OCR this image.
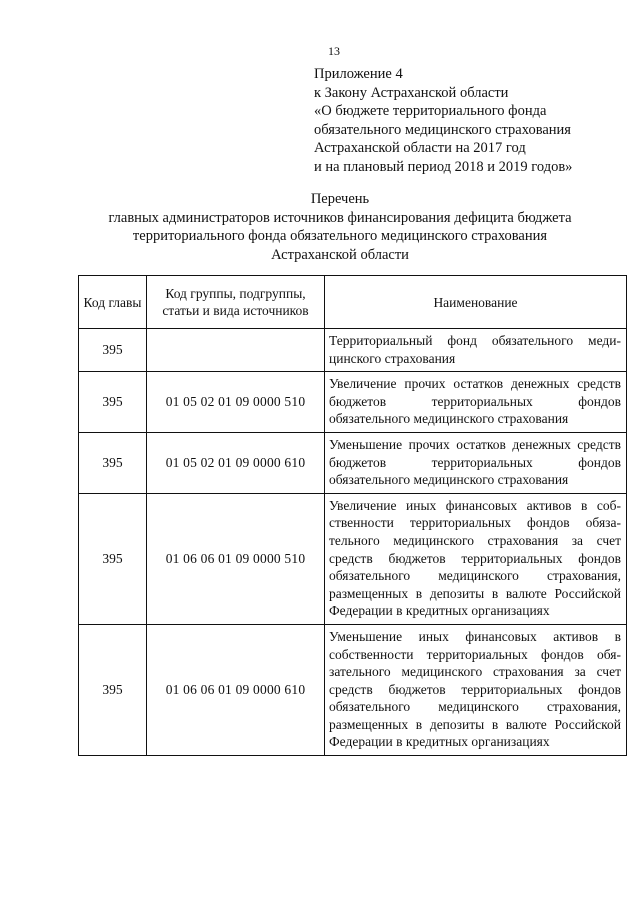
13
Приложение 4
к Закону Астраханской области
«О бюджете территориального фонда
обязательного медицинского страхования
Астраханской области на 2017 год
и на плановый период 2018 и 2019 годов»
Перечень
главных администраторов источников финансирования дефицита бюджета
территориального фонда обязательного медицинского страхования
Астраханской области
Код главы	Код группы, подгруппы, статьи и вида источников	Наименование
395		Территориальный фонд обязательного медицинского страхования
395	01 05 02 01 09 0000 510	Увеличение прочих остатков денежных средств бюджетов территориальных фондов обязательного медицинского страхования
395	01 05 02 01 09 0000 610	Уменьшение прочих остатков денежных средств бюджетов территориальных фондов обязательного медицинского страхования
395	01 06 06 01 09 0000 510	Увеличение иных финансовых активов в собственности территориальных фондов обязательного медицинского страхования за счет средств бюджетов территориальных фондов обязательного медицинского страхования, размещенных в депозиты в валюте Российской Федерации в кредитных организациях
395	01 06 06 01 09 0000 610	Уменьшение иных финансовых активов в собственности территориальных фондов обязательного медицинского страхования за счет средств бюджетов территориальных фондов обязательного медицинского страхования, размещенных в депозиты в валюте Российской Федерации в кредитных организациях
